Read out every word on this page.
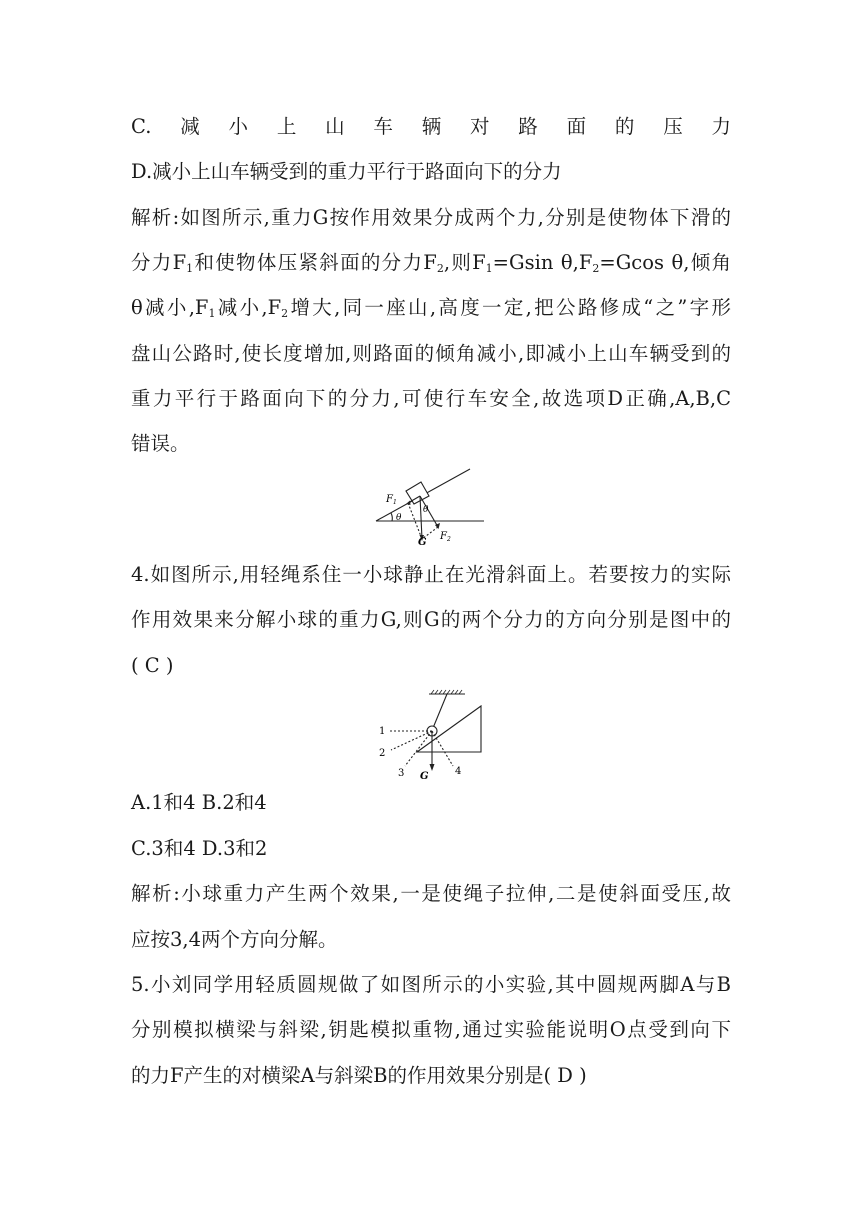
C.减小上山车辆对路面的压力
D.减小上山车辆受到的重力平行于路面向下的分力
解析:如图所示,重力G按作用效果分成两个力,分别是使物体下滑的
分力$F_1$和使物体压紧斜面的分力$F_2$,则$F_1=Gsin$ $\theta,F_2=Gcos$ θ,倾角
θ减小$,F_1$减小$,F_2$增大,同一座山,高度一定,把公路修成“之”字形
盘山公路时,使长度增加,则路面的倾角减小,即减小上山车辆受到的
重力平行于路面向下的分力,可使行车安全,故选项D正确,A,B,C
错误。
$F_1$
θ
θ
$F_2$
G
4.如图所示,用轻绳系住一小球静止在光滑斜面上。若要按力的实际
作用效果来分解小球的重力G,则G的两个分力的方向分别是图中的
( C )
1
2
3	4
G
A.1和4 B.2和4
C.3和4 D.3和2
解析:小球重力产生两个效果,一是使绳子拉伸,二是使斜面受压,故
应按3,4两个方向分解。
5.小刘同学用轻质圆规做了如图所示的小实验,其中圆规两脚A与B
分别模拟横梁与斜梁,钥匙模拟重物,通过实验能说明O点受到向下
的力F产生的对横梁A与斜梁B的作用效果分别是( D )
